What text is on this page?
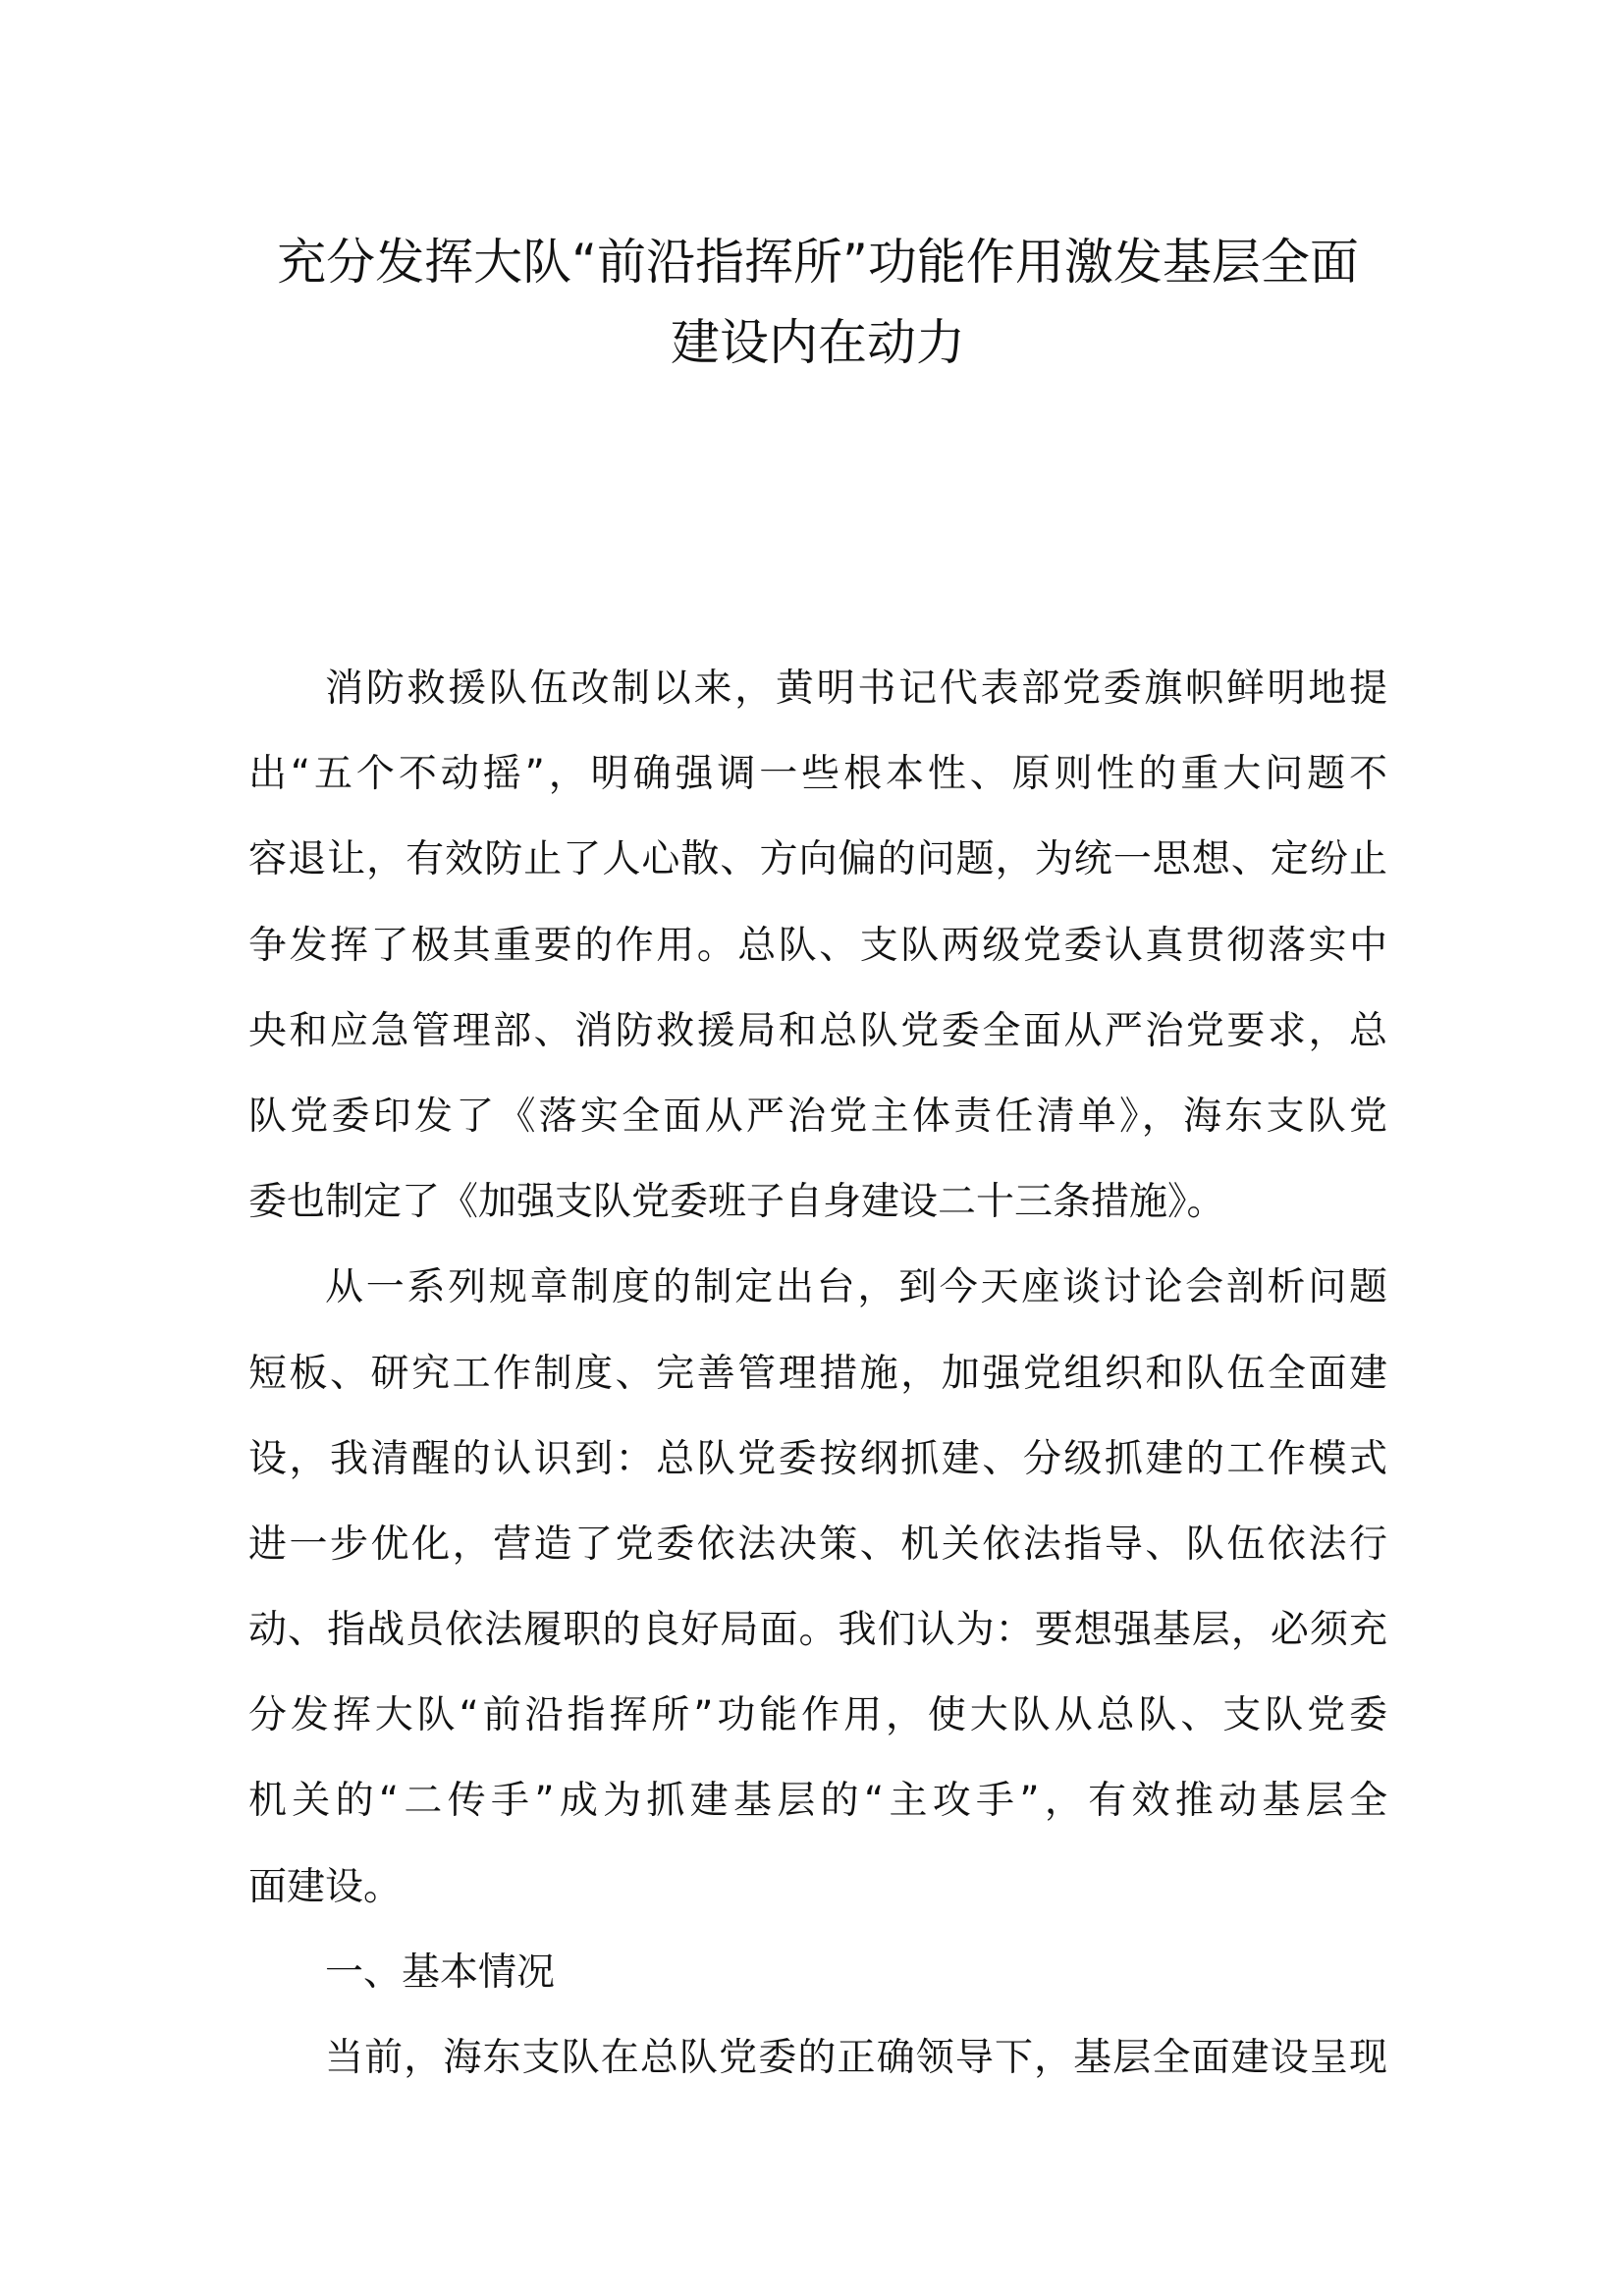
充分发挥大队“前沿指挥所”功能作用激发基层全面
建设内在动力
消防救援队伍改制以来，黄明书记代表部党委旗帜鲜明地提
出“五个不动摇”，明确强调一些根本性、原则性的重大问题不
容退让，有效防止了人心散、方向偏的问题，为统一思想、定纷止
争发挥了极其重要的作用。总队、支队两级党委认真贯彻落实中
央和应急管理部、消防救援局和总队党委全面从严治党要求，总
队党委印发了《落实全面从严治党主体责任清单》，海东支队党
委也制定了《加强支队党委班子自身建设二十三条措施》。
从一系列规章制度的制定出台，到今天座谈讨论会剖析问题
短板、研究工作制度、完善管理措施，加强党组织和队伍全面建
设，我清醒的认识到：总队党委按纲抓建、分级抓建的工作模式
进一步优化，营造了党委依法决策、机关依法指导、队伍依法行
动、指战员依法履职的良好局面。我们认为：要想强基层，必须充
分发挥大队“前沿指挥所”功能作用，使大队从总队、支队党委
机关的“二传手”成为抓建基层的“主攻手”，有效推动基层全
面建设。
一、基本情况
当前，海东支队在总队党委的正确领导下，基层全面建设呈现
